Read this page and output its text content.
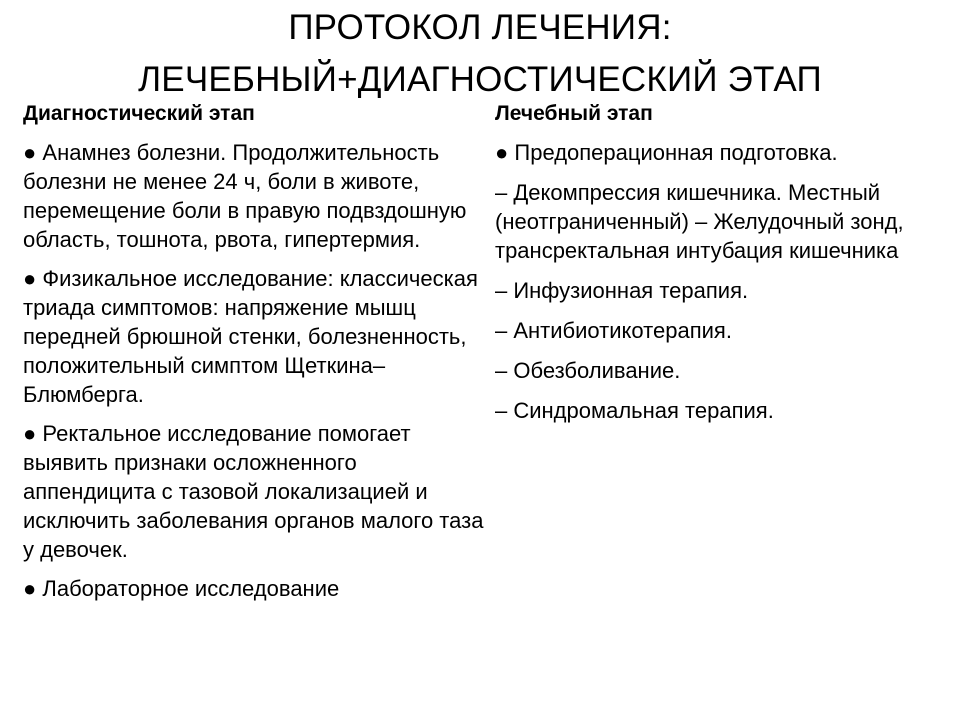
ПРОТОКОЛ ЛЕЧЕНИЯ:
ЛЕЧЕБНЫЙ+ДИАГНОСТИЧЕСКИЙ ЭТАП
Диагностический этап
● Анамнез болезни. Продолжительность болезни не менее 24 ч, боли в животе, перемещение боли в правую подвздошную область, тошнота, рвота, гипертермия.
● Физикальное исследование: классическая триада симптомов: напряжение мышц передней брюшной стенки, болезненность, положительный симптом Щеткина–Блюмберга.
● Ректальное исследование помогает выявить признаки осложненного аппендицита с тазовой локализацией и исключить заболевания органов малого таза у девочек.
● Лабораторное исследование
Лечебный этап
● Предоперационная подготовка.
– Декомпрессия кишечника. Местный (неотграниченный) – Желудочный зонд, трансректальная интубация кишечника
– Инфузионная терапия.
– Антибиотикотерапия.
– Обезболивание.
– Синдромальная терапия.
